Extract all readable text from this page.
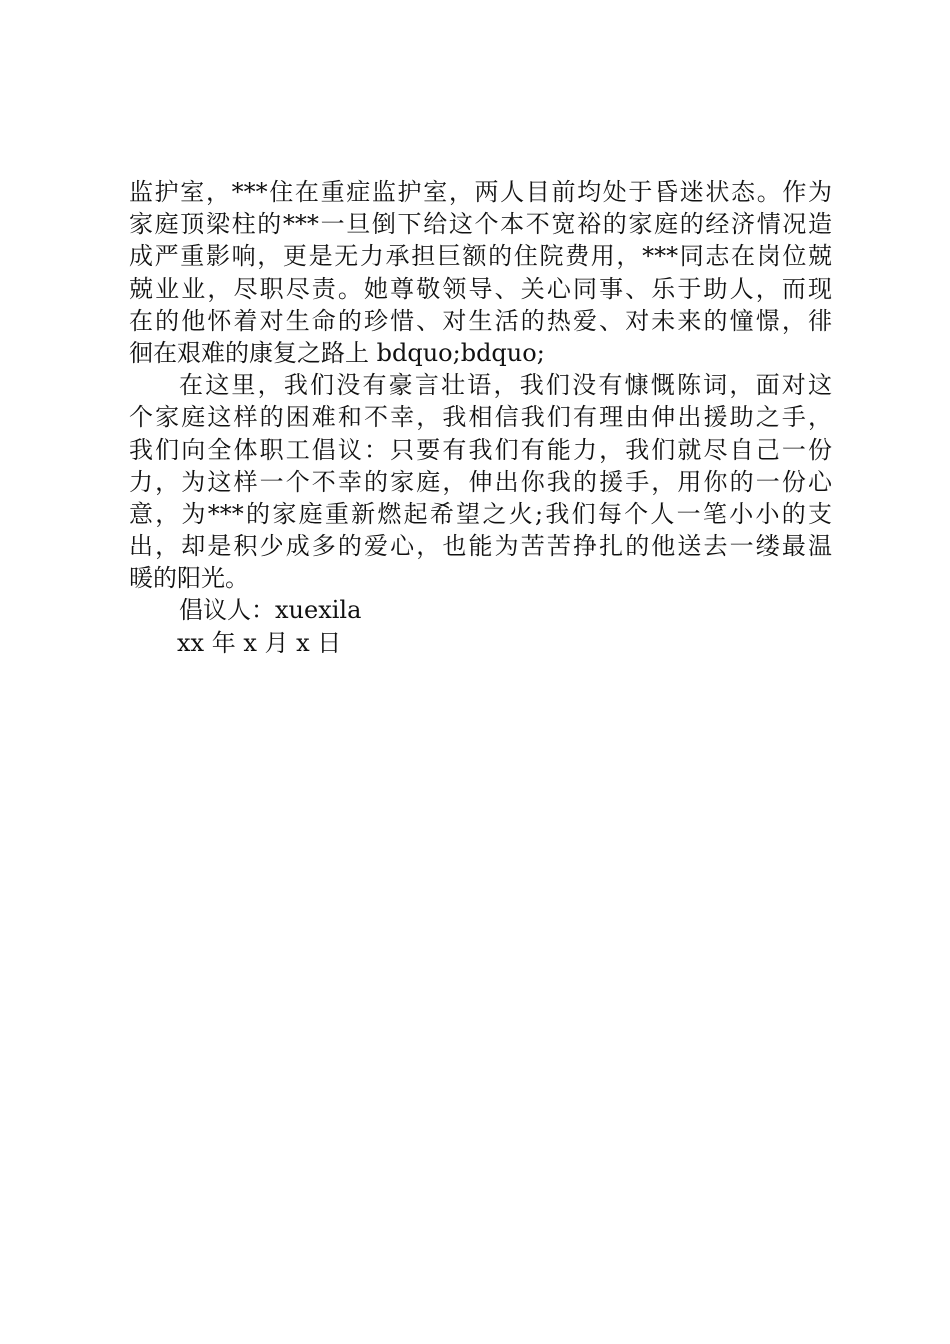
监护室，***住在重症监护室，两人目前均处于昏迷状态。作为
家庭顶梁柱的***一旦倒下给这个本不宽裕的家庭的经济情况造
成严重影响，更是无力承担巨额的住院费用，***同志在岗位兢
兢业业，尽职尽责。她尊敬领导、关心同事、乐于助人，而现
在的他怀着对生命的珍惜、对生活的热爱、对未来的憧憬，徘
徊在艰难的康复之路上 bdquo;bdquo;
在这里，我们没有豪言壮语，我们没有慷慨陈词，面对这
个家庭这样的困难和不幸，我相信我们有理由伸出援助之手，
我们向全体职工倡议：只要有我们有能力，我们就尽自己一份
力，为这样一个不幸的家庭，伸出你我的援手，用你的一份心
意，为***的家庭重新燃起希望之火;我们每个人一笔小小的支
出，却是积少成多的爱心，也能为苦苦挣扎的他送去一缕最温
暖的阳光。
倡议人：xuexila
xx 年 x 月 x 日
